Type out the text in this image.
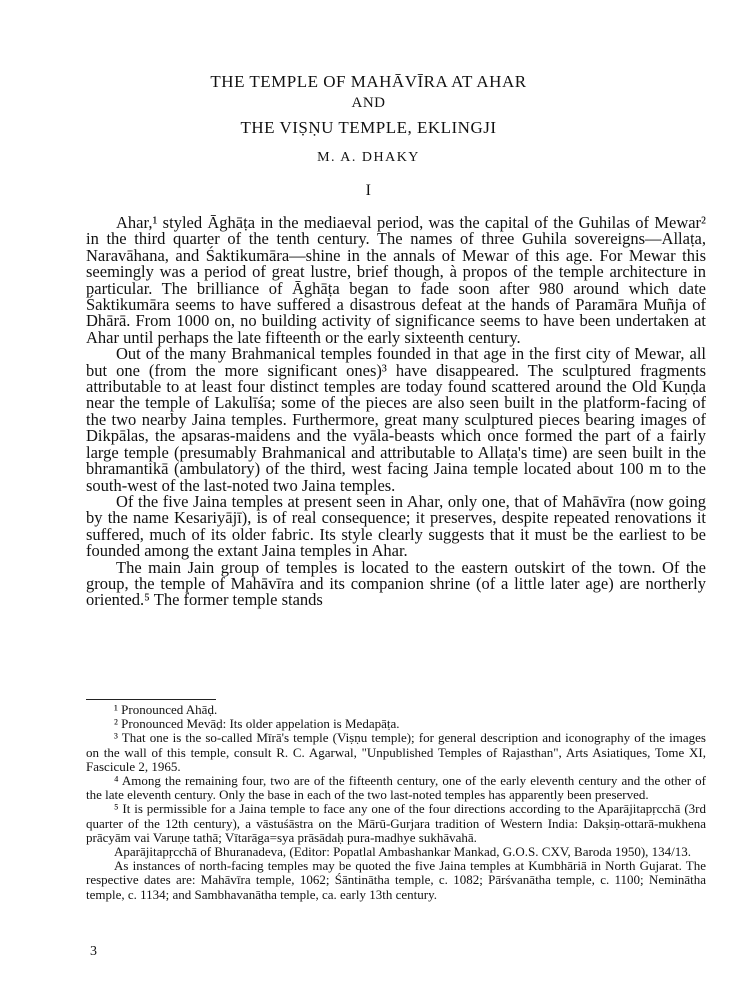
THE TEMPLE OF MAHĀVĪRA AT AHAR
AND
THE VIṢṆU TEMPLE, EKLINGJI
M. A. DHAKY
I

Ahar,¹ styled Āghāṭa in the mediaeval period, was the capital of the Guhilas of Mewar² in the third quarter of the tenth century. The names of three Guhila sovereigns—Allaṭa, Naravāhana, and Śaktikumāra—shine in the annals of Mewar of this age. For Mewar this seemingly was a period of great lustre, brief though, à propos of the temple architecture in particular. The brilliance of Āghāṭa began to fade soon after 980 around which date Śaktikumāra seems to have suffered a disastrous defeat at the hands of Paramāra Muñja of Dhārā. From 1000 on, no building activity of significance seems to have been undertaken at Ahar until perhaps the late fifteenth or the early sixteenth century.

Out of the many Brahmanical temples founded in that age in the first city of Mewar, all but one (from the more significant ones)³ have disappeared. The sculptured fragments attributable to at least four distinct temples are today found scattered around the Old Kuṇḍa near the temple of Lakulīśa; some of the pieces are also seen built in the platform-facing of the two nearby Jaina temples. Furthermore, great many sculptured pieces bearing images of Dikpālas, the apsaras-maidens and the vyāla-beasts which once formed the part of a fairly large temple (presumably Brahmanical and attributable to Allaṭa's time) are seen built in the bhramantikā (ambulatory) of the third, west facing Jaina temple located about 100 m to the south-west of the last-noted two Jaina temples.

Of the five Jaina temples at present seen in Ahar, only one, that of Mahāvīra (now going by the name Kesariyājī), is of real consequence; it preserves, despite repeated renovations it suffered, much of its older fabric. Its style clearly suggests that it must be the earliest to be founded among the extant Jaina temples in Ahar.

The main Jain group of temples is located to the eastern outskirt of the town. Of the group, the temple of Mahāvīra and its companion shrine (of a little later age) are northerly oriented.⁵ The former temple stands

¹ Pronounced Ahāḍ.

² Pronounced Mevāḍ: Its older appelation is Medapāṭa.

³ That one is the so-called Mīrā's temple (Viṣṇu temple); for general description and iconography of the images on the wall of this temple, consult R. C. Agarwal, "Unpublished Temples of Rajasthan", Arts Asiatiques, Tome XI, Fascicule 2, 1965.

⁴ Among the remaining four, two are of the fifteenth century, one of the early eleventh century and the other of the late eleventh century. Only the base in each of the two last-noted temples has apparently been preserved.

⁵ It is permissible for a Jaina temple to face any one of the four directions according to the Aparājitapṛcchā (3rd quarter of the 12th century), a vāstuśāstra on the Mārū-Gurjara tradition of Western India: Dakṣiṇ-ottarā-mukhena prācyām vai Varuṇe tathā; Vītarāga=sya prāsādaḥ pura-madhye sukhāvahā.

Aparājitapṛcchā of Bhuranadeva, (Editor: Popatlal Ambashankar Mankad, G.O.S. CXV, Baroda 1950), 134/13.

As instances of north-facing temples may be quoted the five Jaina temples at Kumbhāriā in North Gujarat. The respective dates are: Mahāvīra temple, 1062; Śāntinātha temple, c. 1082; Pārśvanātha temple, c. 1100; Neminātha temple, c. 1134; and Sambhavanātha temple, ca. early 13th century.

3
